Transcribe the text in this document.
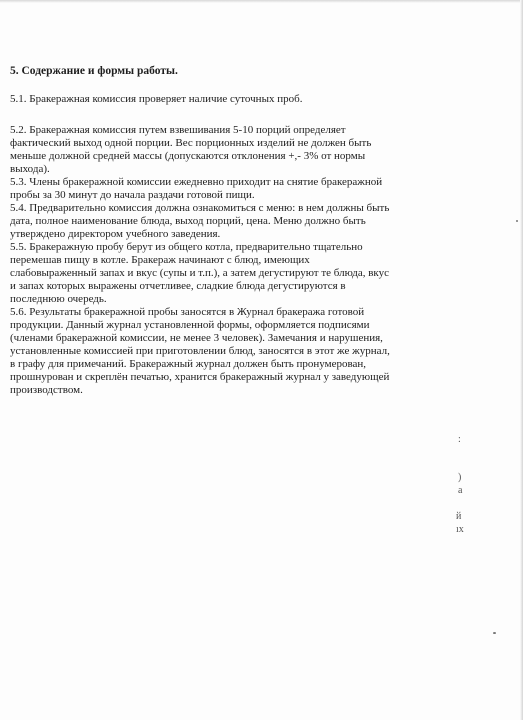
5. Содержание и формы работы.

5.1. Бракеражная комиссия проверяет наличие суточных проб.

5.2. Бракеражная комиссия путем взвешивания 5-10 порций определяет
фактический выход одной порции. Вес порционных изделий не должен быть
меньше должной средней массы (допускаются отклонения +,- 3% от нормы
выхода).
5.3. Члены бракеражной комиссии ежедневно приходит на снятие бракеражной
пробы за 30 минут до начала раздачи готовой пищи.
5.4. Предварительно комиссия должна ознакомиться с меню: в нем должны быть
дата, полное наименование блюда, выход порций, цена. Меню должно быть
утверждено директором учебного заведения.
5.5. Бракеражную пробу берут из общего котла, предварительно тщательно
перемешав пищу в котле. Бракераж начинают с блюд, имеющих
слабовыраженный запах и вкус (супы и т.п.), а затем дегустируют те блюда, вкус
и запах которых выражены отчетливее, сладкие блюда дегустируются в
последнюю очередь.
5.6. Результаты бракеражной пробы заносятся в Журнал бракеража готовой
продукции. Данный журнал установленной формы, оформляется подписями
(членами бракеражной комиссии, не менее 3 человек). Замечания и нарушения,
установленные комиссией при приготовлении блюд, заносятся в этот же журнал,
в графу для примечаний. Бракеражный журнал должен быть пронумерован,
прошнурован и скреплён печатью, хранится бракеражный журнал у заведующей
производством.

:

)

а

й

ıх
